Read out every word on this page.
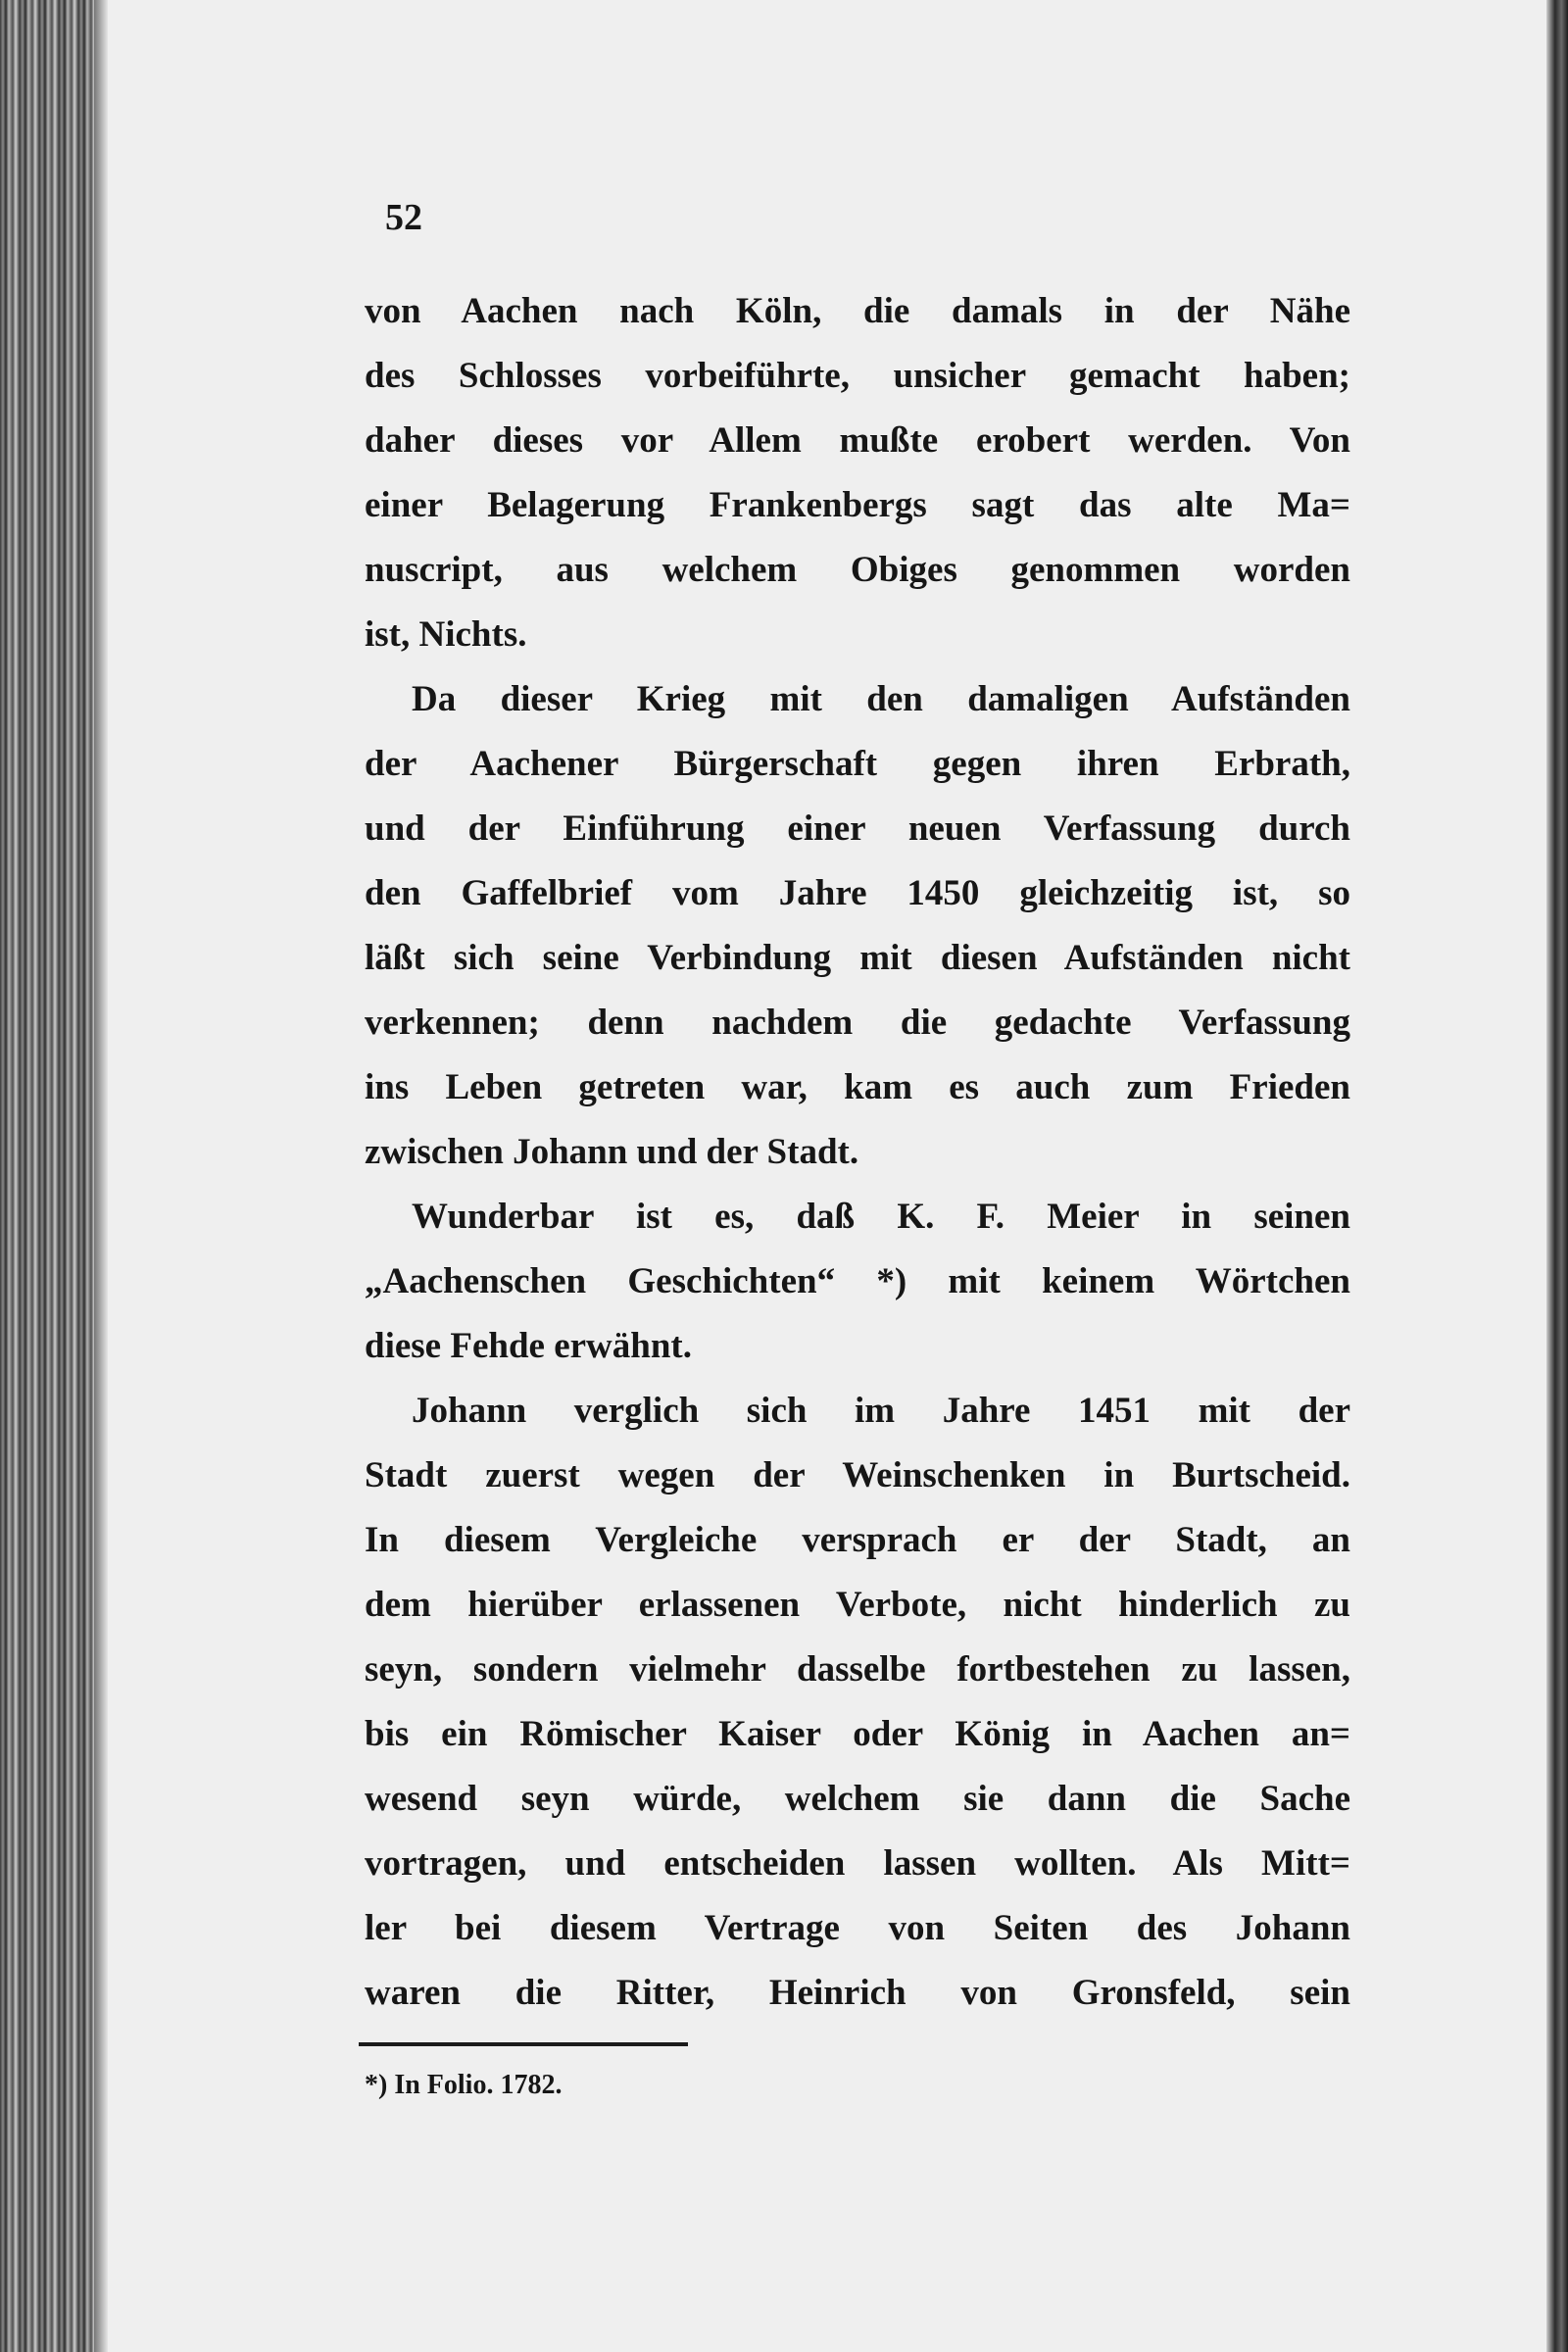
52
von Aachen nach Köln, die damals in der Nähe
des Schlosses vorbeiführte, unsicher gemacht haben;
daher dieses vor Allem mußte erobert werden. Von
einer Belagerung Frankenbergs sagt das alte Ma=
nuscript, aus welchem Obiges genommen worden
ist, Nichts.
Da dieser Krieg mit den damaligen Aufständen
der Aachener Bürgerschaft gegen ihren Erbrath,
und der Einführung einer neuen Verfassung durch
den Gaffelbrief vom Jahre 1450 gleichzeitig ist, so
läßt sich seine Verbindung mit diesen Aufständen nicht
verkennen; denn nachdem die gedachte Verfassung
ins Leben getreten war, kam es auch zum Frieden
zwischen Johann und der Stadt.
Wunderbar ist es, daß K. F. Meier in seinen
„Aachenschen Geschichten“ *) mit keinem Wörtchen
diese Fehde erwähnt.
Johann verglich sich im Jahre 1451 mit der
Stadt zuerst wegen der Weinschenken in Burtscheid.
In diesem Vergleiche versprach er der Stadt, an
dem hierüber erlassenen Verbote, nicht hinderlich zu
seyn, sondern vielmehr dasselbe fortbestehen zu lassen,
bis ein Römischer Kaiser oder König in Aachen an=
wesend seyn würde, welchem sie dann die Sache
vortragen, und entscheiden lassen wollten. Als Mitt=
ler bei diesem Vertrage von Seiten des Johann
waren die Ritter, Heinrich von Gronsfeld, sein
*) In Folio. 1782.
